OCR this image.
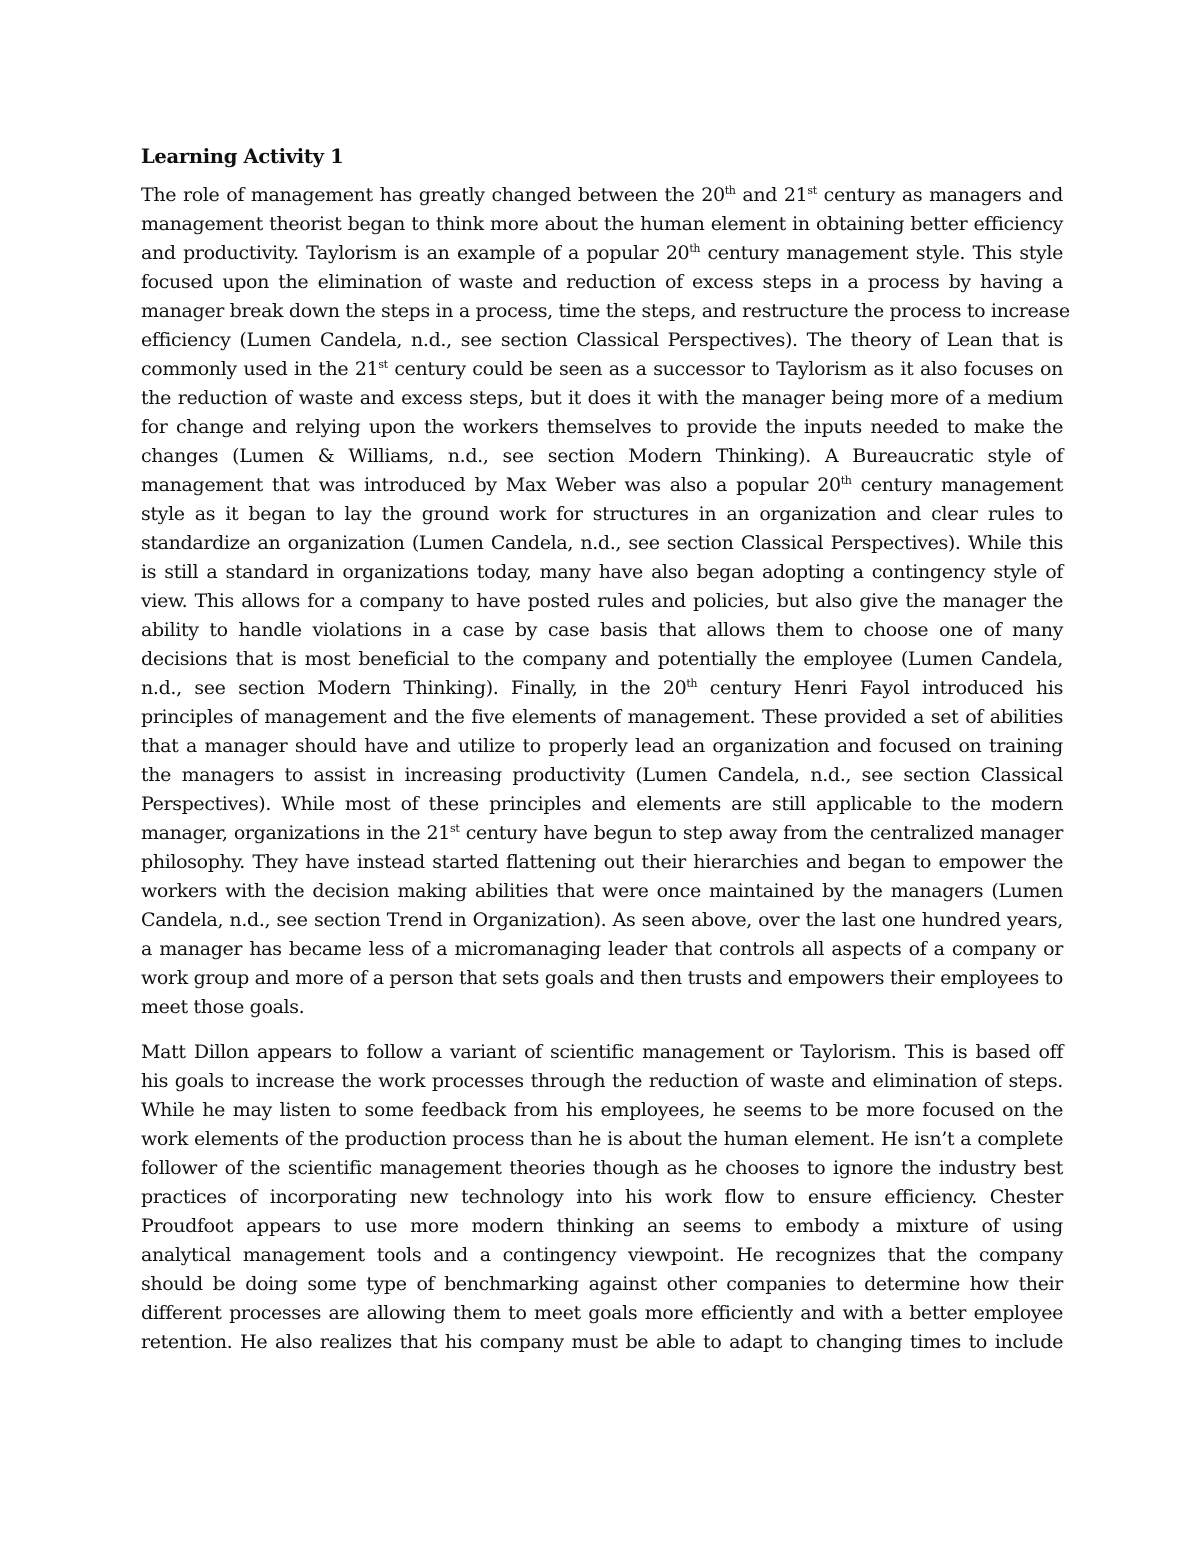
Learning Activity 1
The role of management has greatly changed between the 20th and 21st century as managers and
management theorist began to think more about the human element in obtaining better efficiency
and productivity. Taylorism is an example of a popular 20th century management style. This style
focused upon the elimination of waste and reduction of excess steps in a process by having a
manager break down the steps in a process, time the steps, and restructure the process to increase
efficiency (Lumen Candela, n.d., see section Classical Perspectives). The theory of Lean that is
commonly used in the 21st century could be seen as a successor to Taylorism as it also focuses on
the reduction of waste and excess steps, but it does it with the manager being more of a medium
for change and relying upon the workers themselves to provide the inputs needed to make the
changes (Lumen & Williams, n.d., see section Modern Thinking). A Bureaucratic style of
management that was introduced by Max Weber was also a popular 20th century management
style as it began to lay the ground work for structures in an organization and clear rules to
standardize an organization (Lumen Candela, n.d., see section Classical Perspectives). While this
is still a standard in organizations today, many have also began adopting a contingency style of
view. This allows for a company to have posted rules and policies, but also give the manager the
ability to handle violations in a case by case basis that allows them to choose one of many
decisions that is most beneficial to the company and potentially the employee (Lumen Candela,
n.d., see section Modern Thinking). Finally, in the 20th century Henri Fayol introduced his
principles of management and the five elements of management. These provided a set of abilities
that a manager should have and utilize to properly lead an organization and focused on training
the managers to assist in increasing productivity (Lumen Candela, n.d., see section Classical
Perspectives). While most of these principles and elements are still applicable to the modern
manager, organizations in the 21st century have begun to step away from the centralized manager
philosophy. They have instead started flattening out their hierarchies and began to empower the
workers with the decision making abilities that were once maintained by the managers (Lumen
Candela, n.d., see section Trend in Organization). As seen above, over the last one hundred years,
a manager has became less of a micromanaging leader that controls all aspects of a company or
work group and more of a person that sets goals and then trusts and empowers their employees to
meet those goals.
Matt Dillon appears to follow a variant of scientific management or Taylorism. This is based off
his goals to increase the work processes through the reduction of waste and elimination of steps.
While he may listen to some feedback from his employees, he seems to be more focused on the
work elements of the production process than he is about the human element. He isn’t a complete
follower of the scientific management theories though as he chooses to ignore the industry best
practices of incorporating new technology into his work flow to ensure efficiency. Chester
Proudfoot appears to use more modern thinking an seems to embody a mixture of using
analytical management tools and a contingency viewpoint. He recognizes that the company
should be doing some type of benchmarking against other companies to determine how their
different processes are allowing them to meet goals more efficiently and with a better employee
retention. He also realizes that his company must be able to adapt to changing times to include
